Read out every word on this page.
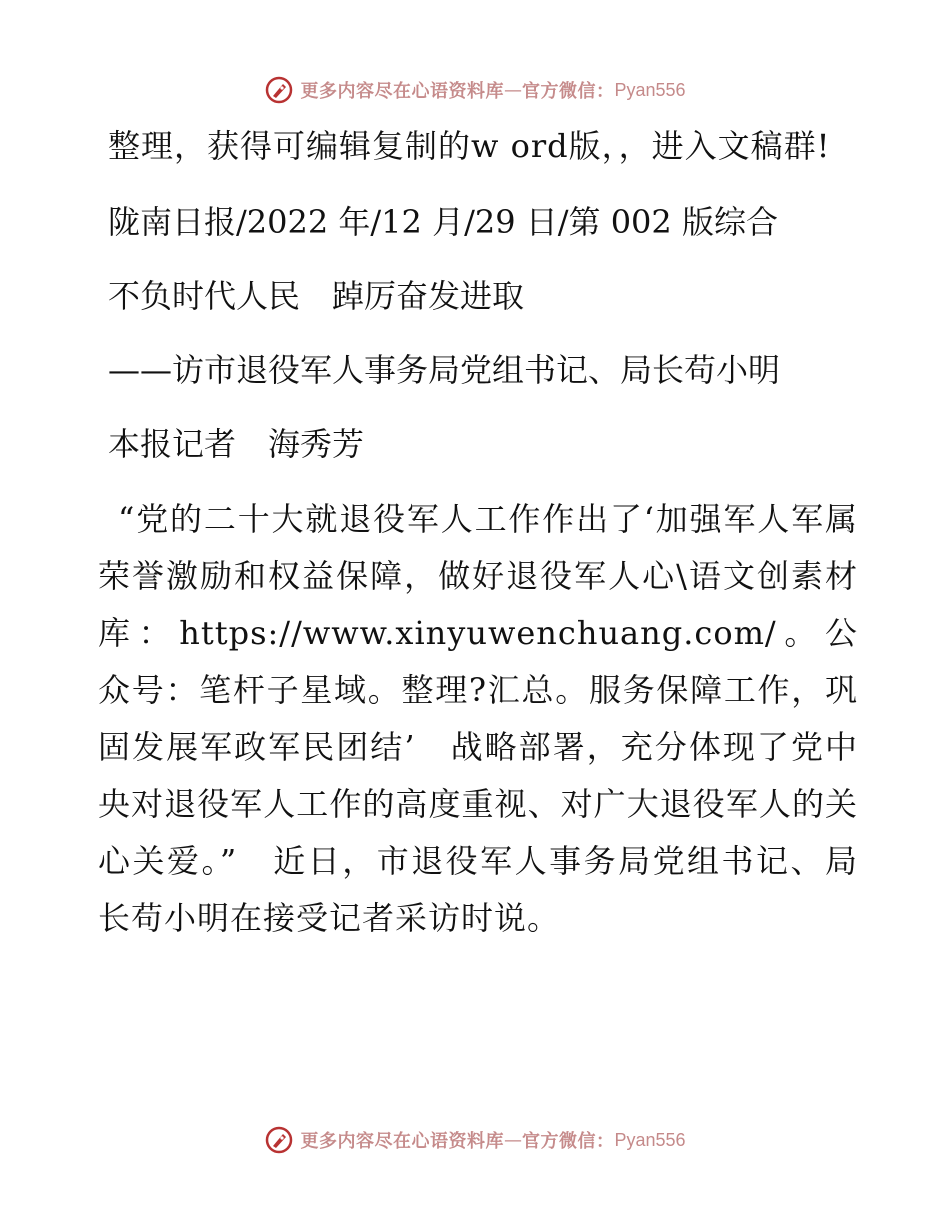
更多内容尽在心语资料库 — 官方微信： Pyan556

整理，获得可编辑复制的w ord版，，进入文稿群!

陇南日报/2022 年/12 月/29 日/第 002 版综合

不负时代人民　踔厉奋发进取

——访市退役军人事务局党组书记、局长苟小明

本报记者　海秀芳

“党的二十大就退役军人工作作出了‘加强军人军属荣誉激励和权益保障，做好退役军人心\语文创素材库：https://www.xinyuwenchuang.com/。公众号：笔杆子星域。整理?汇总。服务保障工作，巩固发展军政军民团结’　战略部署，充分体现了党中央对退役军人工作的高度重视、对广大退役军人的关心关爱。”　近日，市退役军人事务局党组书记、局长苟小明在接受记者采访时说。

更多内容尽在心语资料库 — 官方微信： Pyan556
